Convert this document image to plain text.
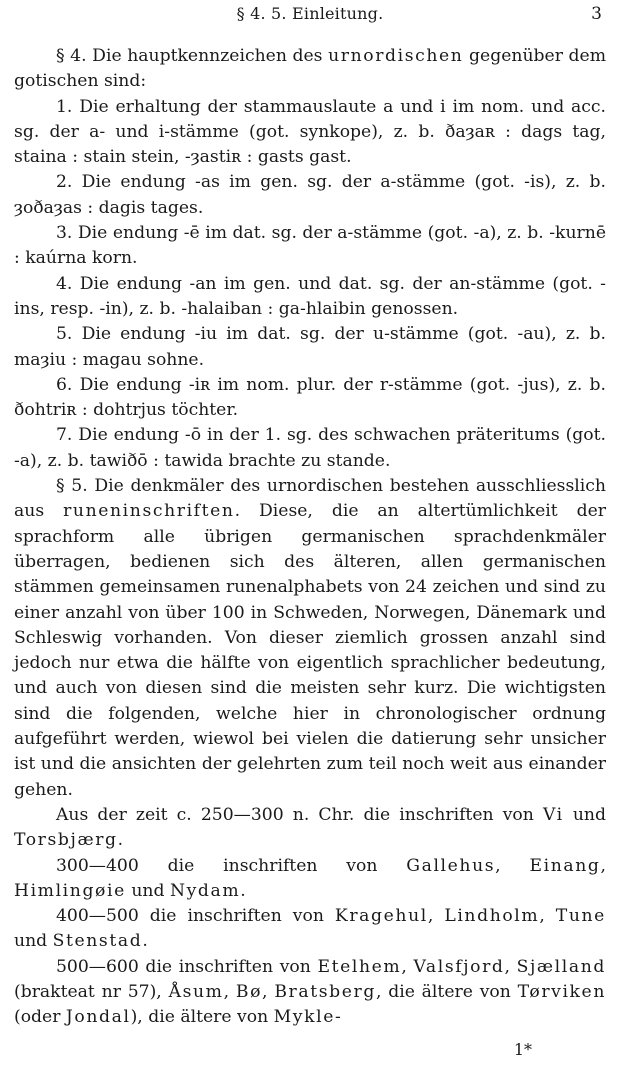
§ 4. 5. Einleitung.	3

§ 4. Die hauptkennzeichen des urnordischen gegenüber dem gotischen sind:

1. Die erhaltung der stammauslaute a und i im nom. und acc. sg. der a- und i-stämme (got. synkope), z. b. ðaȝaʀ : dags tag, staina : stain stein, -ȝastiʀ : gasts gast.

2. Die endung -as im gen. sg. der a-stämme (got. -is), z. b. ȝoðaȝas : dagis tages.

3. Die endung -ē im dat. sg. der a-stämme (got. -a), z. b. -kurnē : kaúrna korn.

4. Die endung -an im gen. und dat. sg. der an-stämme (got. -ins, resp. -in), z. b. -halaiban : ga-hlaibin genossen.

5. Die endung -iu im dat. sg. der u-stämme (got. -au), z. b. maȝiu : magau sohne.

6. Die endung -iʀ im nom. plur. der r-stämme (got. -jus), z. b. ðohtriʀ : dohtrjus töchter.

7. Die endung -ō in der 1. sg. des schwachen präteritums (got. -a), z. b. tawiðō : tawida brachte zu stande.

§ 5. Die denkmäler des urnordischen bestehen ausschliesslich aus runeninschriften. Diese, die an altertümlichkeit der sprachform alle übrigen germanischen sprachdenkmäler überragen, bedienen sich des älteren, allen germanischen stämmen gemeinsamen runenalphabets von 24 zeichen und sind zu einer anzahl von über 100 in Schweden, Norwegen, Dänemark und Schleswig vorhanden. Von dieser ziemlich grossen anzahl sind jedoch nur etwa die hälfte von eigentlich sprachlicher bedeutung, und auch von diesen sind die meisten sehr kurz. Die wichtigsten sind die folgenden, welche hier in chronologischer ordnung aufgeführt werden, wiewol bei vielen die datierung sehr unsicher ist und die ansichten der gelehrten zum teil noch weit aus einander gehen.

Aus der zeit c. 250—300 n. Chr. die inschriften von Vi und Torsbjærg.

300—400 die inschriften von Gallehus, Einang, Himlingøie und Nydam.

400—500 die inschriften von Kragehul, Lindholm, Tune und Stenstad.

500—600 die inschriften von Etelhem, Valsfjord, Sjælland (brakteat nr 57), Åsum, Bø, Bratsberg, die ältere von Tørviken (oder Jondal), die ältere von Mykle-

1*
